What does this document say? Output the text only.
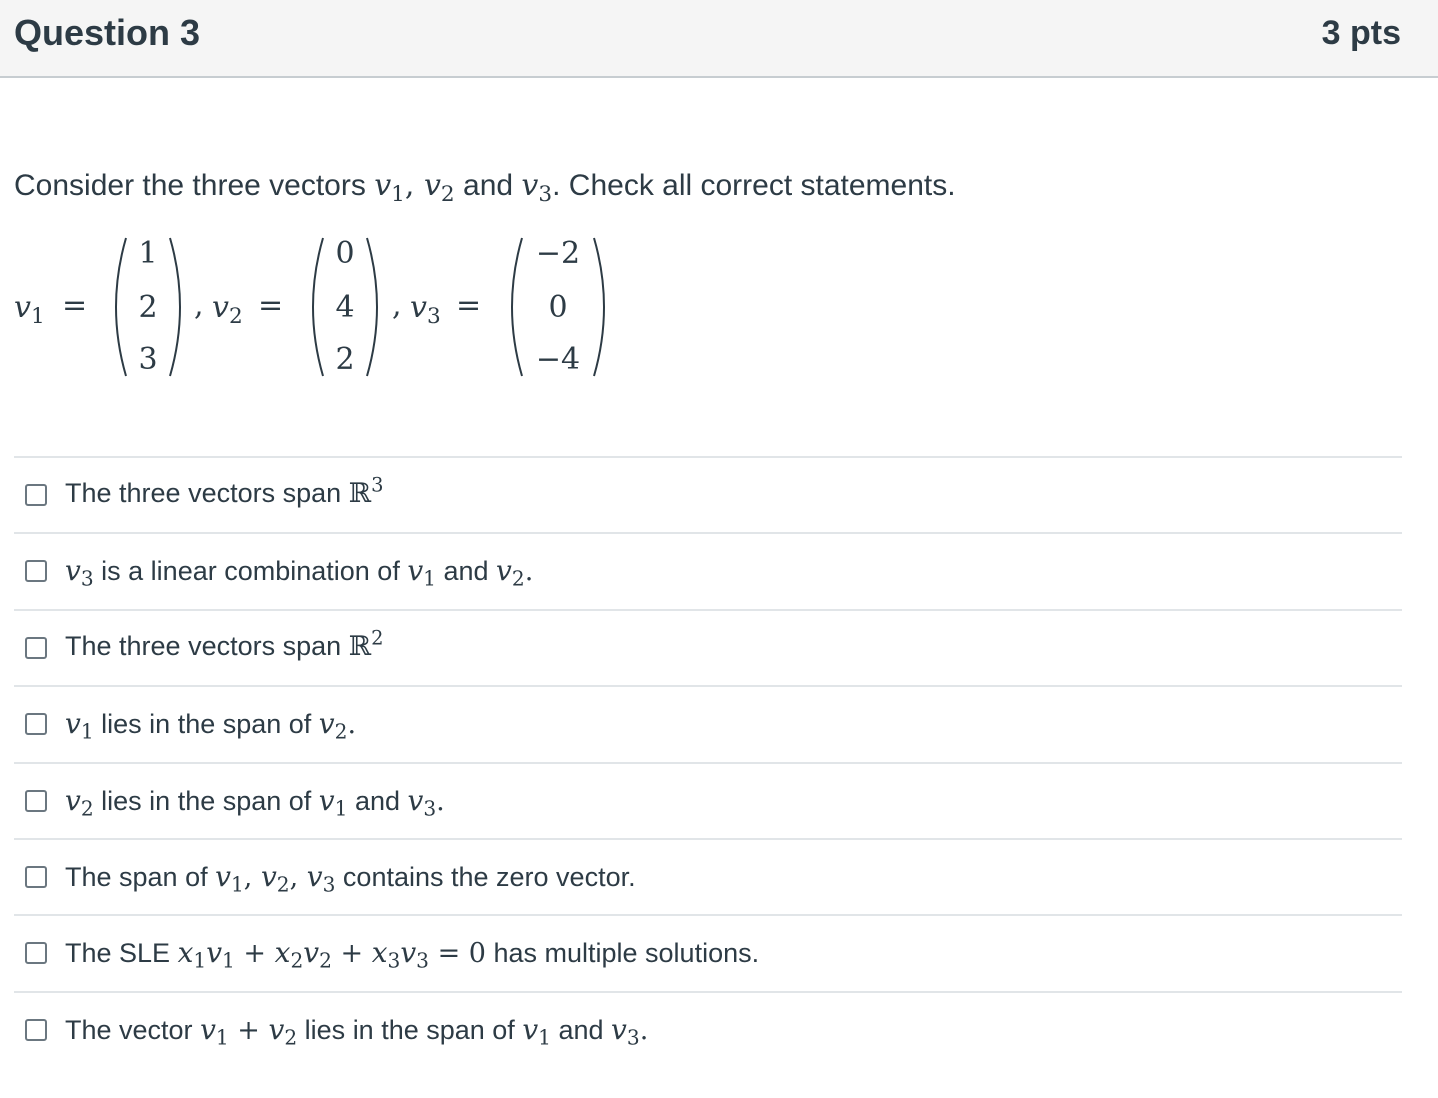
Question 3	3 pts
Consider the three vectors $v_1$, $v_2$ and $v_3$. Check all correct statements.
$v_1$ =
1
2
3
, $v_2$ =
0
4
2
, $v_3$ =
−2
0
−4
The three vectors span ℝ$^3$
$v_3$ is a linear combination of $v_1$ and $v_2$.
The three vectors span ℝ$^2$
$v_1$ lies in the span of $v_2$.
$v_2$ lies in the span of $v_1$ and $v_3$.
The span of $v_1$, $v_2$, $v_3$ contains the zero vector.
The SLE $x_1v_1 + x_2v_2 + x_3v_3 = 0$ has multiple solutions.
The vector $v_1 + v_2$ lies in the span of $v_1$ and $v_3$.
